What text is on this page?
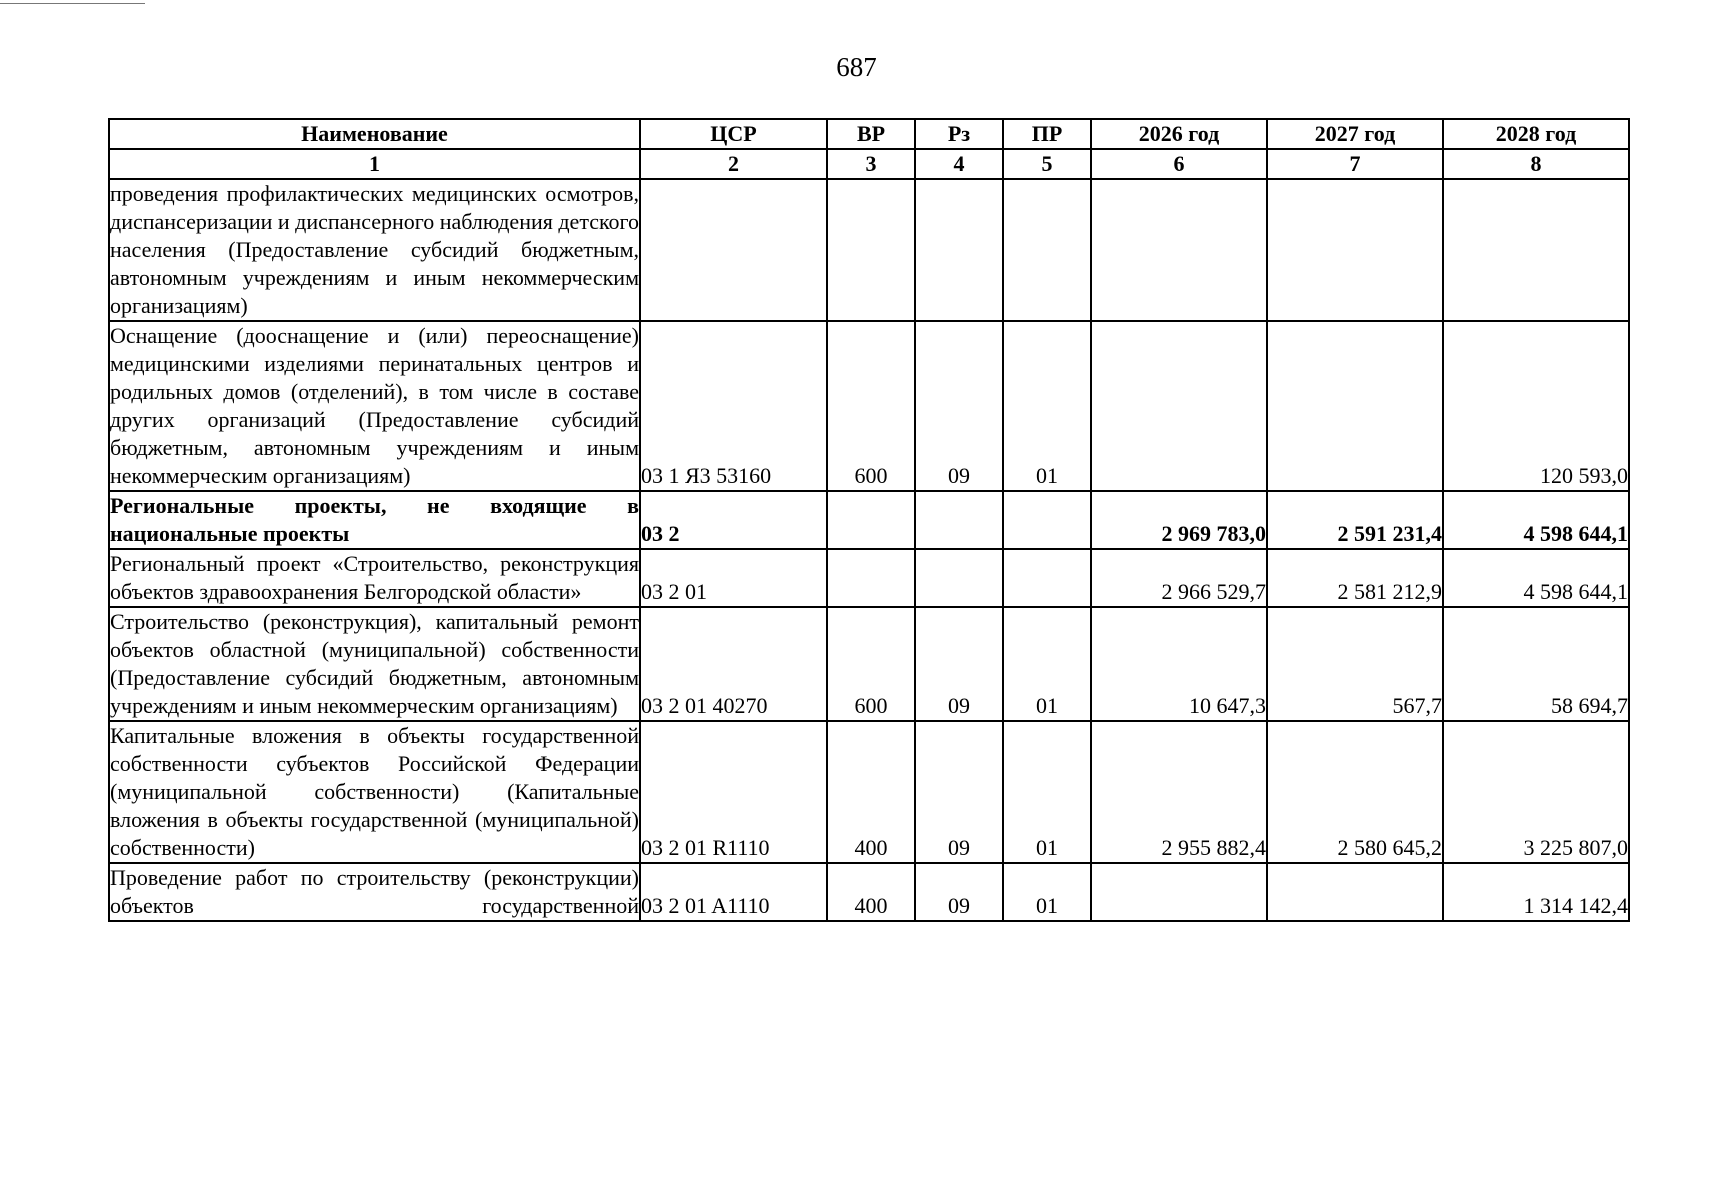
687
Наименование	ЦСР	ВР	Рз	ПР	2026 год	2027 год	2028 год
1	2	3	4	5	6	7	8
проведения профилактических медицинских осмотров, диспансеризации и диспансерного наблюдения детского населения (Предоставление субсидий бюджетным, автономным учреждениям и иным некоммерческим организациям)							
Оснащение (дооснащение и (или) переоснащение) медицинскими изделиями перинатальных центров и родильных домов (отделений), в том числе в составе других организаций (Предоставление субсидий бюджетным, автономным учреждениям и иным некоммерческим организациям)	03 1 Я3 53160	600	09	01			120 593,0
Региональные проекты, не входящие в национальные проекты	03 2				2 969 783,0	2 591 231,4	4 598 644,1
Региональный проект «Строительство, реконструкция объектов здравоохранения Белгородской области»	03 2 01				2 966 529,7	2 581 212,9	4 598 644,1
Строительство (реконструкция), капитальный ремонт объектов областной (муниципальной) собственности (Предоставление субсидий бюджетным, автономным учреждениям и иным некоммерческим организациям)	03 2 01 40270	600	09	01	10 647,3	567,7	58 694,7
Капитальные вложения в объекты государственной собственности субъектов Российской Федерации (муниципальной собственности) (Капитальные вложения в объекты государственной (муниципальной) собственности)	03 2 01 R1110	400	09	01	2 955 882,4	2 580 645,2	3 225 807,0
Проведение работ по строительству (реконструкции) объектов государственной	03 2 01 A1110	400	09	01			1 314 142,4
